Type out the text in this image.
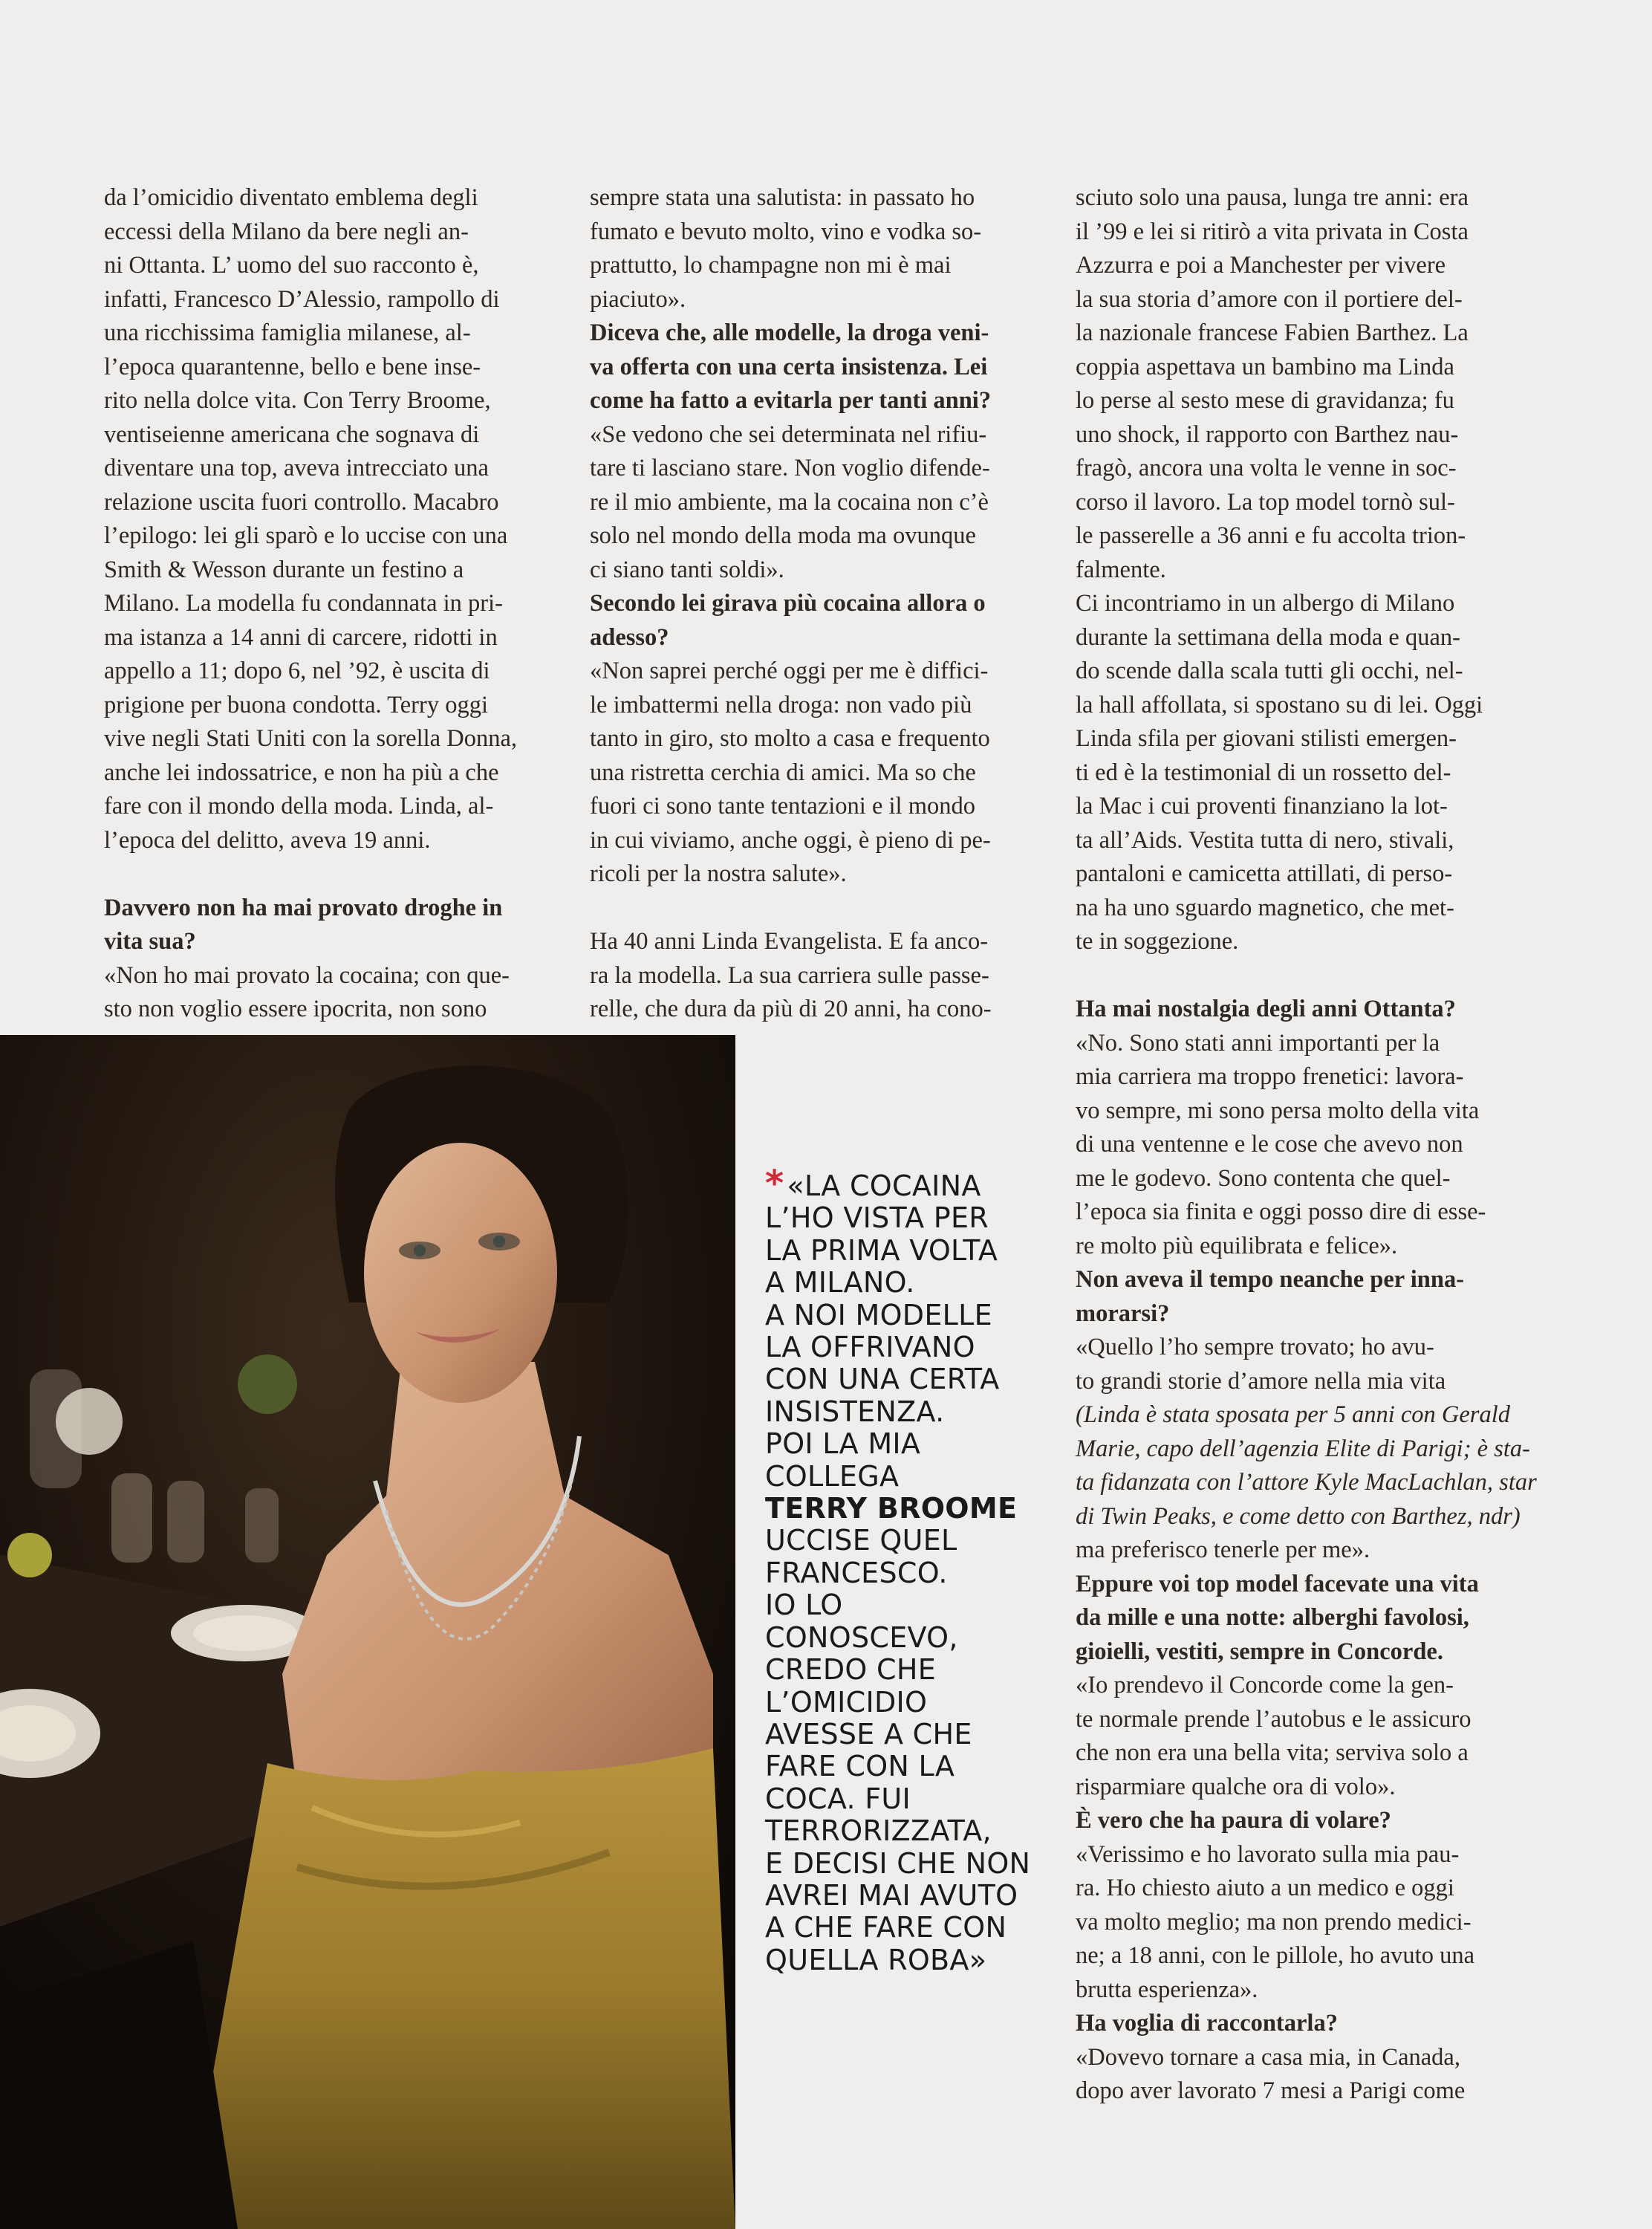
da l’omicidio diventato emblema degli
eccessi della Milano da bere negli an-
ni Ottanta. L’ uomo del suo racconto è,
infatti, Francesco D’Alessio, rampollo di
una ricchissima famiglia milanese, al-
l’epoca quarantenne, bello e bene inse-
rito nella dolce vita. Con Terry Broome,
ventiseienne americana che sognava di
diventare una top, aveva intrecciato una
relazione uscita fuori controllo. Macabro
l’epilogo: lei gli sparò e lo uccise con una
Smith & Wesson durante un festino a
Milano. La modella fu condannata in pri-
ma istanza a 14 anni di carcere, ridotti in
appello a 11; dopo 6, nel ’92, è uscita di
prigione per buona condotta. Terry oggi
vive negli Stati Uniti con la sorella Donna,
anche lei indossatrice, e non ha più a che
fare con il mondo della moda. Linda, al-
l’epoca del delitto, aveva 19 anni.
Davvero non ha mai provato droghe in
vita sua?
«Non ho mai provato la cocaina; con que-
sto non voglio essere ipocrita, non sono
sempre stata una salutista: in passato ho
fumato e bevuto molto, vino e vodka so-
prattutto, lo champagne non mi è mai
piaciuto».
Diceva che, alle modelle, la droga veni-
va offerta con una certa insistenza. Lei
come ha fatto a evitarla per tanti anni?
«Se vedono che sei determinata nel rifiu-
tare ti lasciano stare. Non voglio difende-
re il mio ambiente, ma la cocaina non c’è
solo nel mondo della moda ma ovunque
ci siano tanti soldi».
Secondo lei girava più cocaina allora o
adesso?
«Non saprei perché oggi per me è diffici-
le imbattermi nella droga: non vado più
tanto in giro, sto molto a casa e frequento
una ristretta cerchia di amici. Ma so che
fuori ci sono tante tentazioni e il mondo
in cui viviamo, anche oggi, è pieno di pe-
ricoli per la nostra salute».
Ha 40 anni Linda Evangelista. E fa anco-
ra la modella. La sua carriera sulle passe-
relle, che dura da più di 20 anni, ha cono-
sciuto solo una pausa, lunga tre anni: era
il ’99 e lei si ritirò a vita privata in Costa
Azzurra e poi a Manchester per vivere
la sua storia d’amore con il portiere del-
la nazionale francese Fabien Barthez. La
coppia aspettava un bambino ma Linda
lo perse al sesto mese di gravidanza; fu
uno shock, il rapporto con Barthez nau-
fragò, ancora una volta le venne in soc-
corso il lavoro. La top model tornò sul-
le passerelle a 36 anni e fu accolta trion-
falmente.
Ci incontriamo in un albergo di Milano
durante la settimana della moda e quan-
do scende dalla scala tutti gli occhi, nel-
la hall affollata, si spostano su di lei. Oggi
Linda sfila per giovani stilisti emergen-
ti ed è la testimonial di un rossetto del-
la Mac i cui proventi finanziano la lot-
ta all’Aids. Vestita tutta di nero, stivali,
pantaloni e camicetta attillati, di perso-
na ha uno sguardo magnetico, che met-
te in soggezione.
Ha mai nostalgia degli anni Ottanta?
«No. Sono stati anni importanti per la
mia carriera ma troppo frenetici: lavora-
vo sempre, mi sono persa molto della vita
di una ventenne e le cose che avevo non
me le godevo. Sono contenta che quel-
l’epoca sia finita e oggi posso dire di esse-
re molto più equilibrata e felice».
Non aveva il tempo neanche per inna-
morarsi?
«Quello l’ho sempre trovato; ho avu-
to grandi storie d’amore nella mia vita
(Linda è stata sposata per 5 anni con Gerald
Marie, capo dell’agenzia Elite di Parigi; è sta-
ta fidanzata con l’attore Kyle MacLachlan, star
di Twin Peaks, e come detto con Barthez, ndr)
ma preferisco tenerle per me».
Eppure voi top model facevate una vita
da mille e una notte: alberghi favolosi,
gioielli, vestiti, sempre in Concorde.
«Io prendevo il Concorde come la gen-
te normale prende l’autobus e le assicuro
che non era una bella vita; serviva solo a
risparmiare qualche ora di volo».
È vero che ha paura di volare?
«Verissimo e ho lavorato sulla mia pau-
ra. Ho chiesto aiuto a un medico e oggi
va molto meglio; ma non prendo medici-
ne; a 18 anni, con le pillole, ho avuto una
brutta esperienza».
Ha voglia di raccontarla?
«Dovevo tornare a casa mia, in Canada,
dopo aver lavorato 7 mesi a Parigi come
* «LA COCAINA
L’HO VISTA PER
LA PRIMA VOLTA
A MILANO.
A NOI MODELLE
LA OFFRIVANO
CON UNA CERTA
INSISTENZA.
POI LA MIA
COLLEGA
TERRY BROOME
UCCISE QUEL
FRANCESCO.
IO LO
CONOSCEVO,
CREDO CHE
L’OMICIDIO
AVESSE A CHE
FARE CON LA
COCA. FUI
TERRORIZZATA,
E DECISI CHE NON
AVREI MAI AVUTO
A CHE FARE CON
QUELLA ROBA»
